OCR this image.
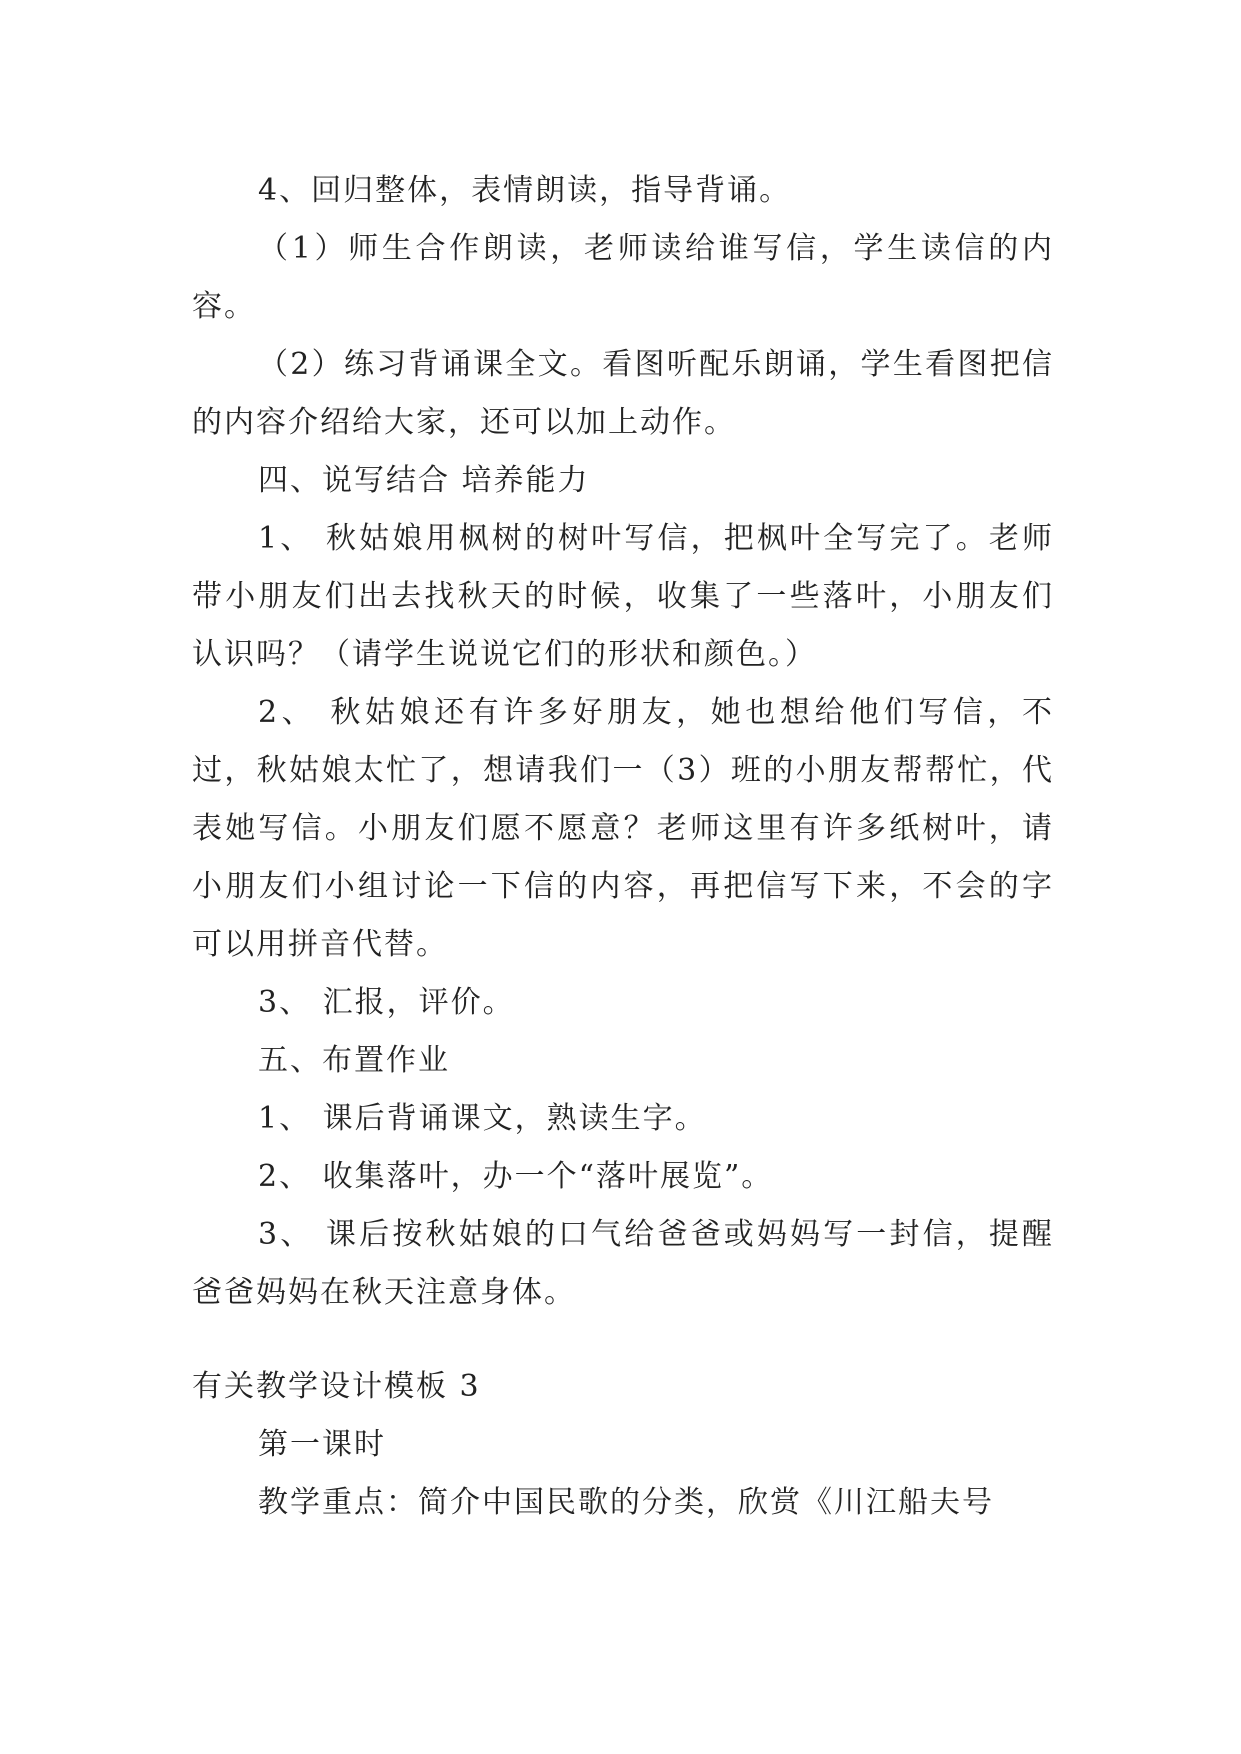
4、回归整体，表情朗读，指导背诵。

（1）师生合作朗读，老师读给谁写信，学生读信的内容。

（2）练习背诵课全文。看图听配乐朗诵，学生看图把信的内容介绍给大家，还可以加上动作。

四、说写结合 培养能力

1、 秋姑娘用枫树的树叶写信，把枫叶全写完了。老师带小朋友们出去找秋天的时候，收集了一些落叶，小朋友们认识吗？（请学生说说它们的形状和颜色。）

2、 秋姑娘还有许多好朋友，她也想给他们写信，不过，秋姑娘太忙了，想请我们一（3）班的小朋友帮帮忙，代表她写信。小朋友们愿不愿意？老师这里有许多纸树叶，请小朋友们小组讨论一下信的内容，再把信写下来，不会的字可以用拼音代替。

3、 汇报，评价。

五、布置作业

1、 课后背诵课文，熟读生字。

2、 收集落叶，办一个“落叶展览”。

3、 课后按秋姑娘的口气给爸爸或妈妈写一封信，提醒爸爸妈妈在秋天注意身体。

有关教学设计模板 3

第一课时

教学重点：简介中国民歌的分类，欣赏《川江船夫号
